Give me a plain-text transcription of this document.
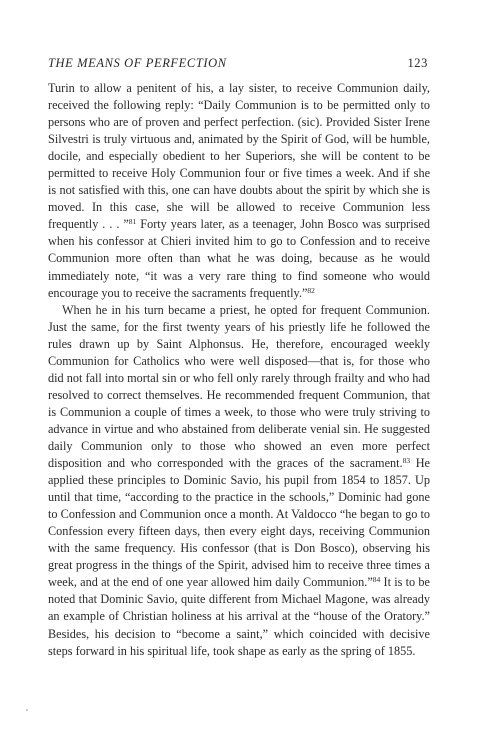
THE MEANS OF PERFECTION	123

Turin to allow a penitent of his, a lay sister, to receive Communion daily, received the following reply: “Daily Communion is to be permitted only to persons who are of proven and perfect perfection. (sic). Provided Sister Irene Silvestri is truly virtuous and, animated by the Spirit of God, will be humble, docile, and especially obedient to her Superiors, she will be content to be permitted to receive Holy Communion four or five times a week. And if she is not satisfied with this, one can have doubts about the spirit by which she is moved. In this case, she will be allowed to receive Communion less frequently . . . ”$^{81}$ Forty years later, as a teenager, John Bosco was surprised when his confessor at Chieri invited him to go to Confession and to receive Communion more often than what he was doing, because as he would immediately note, “it was a very rare thing to find someone who would encourage you to receive the sacraments frequently.”$^{82}$

When he in his turn became a priest, he opted for frequent Communion. Just the same, for the first twenty years of his priestly life he followed the rules drawn up by Saint Alphonsus. He, therefore, encouraged weekly Communion for Catholics who were well disposed—that is, for those who did not fall into mortal sin or who fell only rarely through frailty and who had resolved to correct themselves. He recommended frequent Communion, that is Communion a couple of times a week, to those who were truly striving to advance in virtue and who abstained from deliberate venial sin. He suggested daily Communion only to those who showed an even more perfect disposition and who corresponded with the graces of the sacrament.$^{83}$ He applied these principles to Dominic Savio, his pupil from 1854 to 1857. Up until that time, “according to the practice in the schools,” Dominic had gone to Confession and Communion once a month. At Valdocco “he began to go to Confession every fifteen days, then every eight days, receiving Communion with the same frequency. His confessor (that is Don Bosco), observing his great progress in the things of the Spirit, advised him to receive three times a week, and at the end of one year allowed him daily Communion.”$^{84}$ It is to be noted that Dominic Savio, quite different from Michael Magone, was already an example of Christian holiness at his arrival at the “house of the Oratory.” Besides, his decision to “become a saint,” which coincided with decisive steps forward in his spiritual life, took shape as early as the spring of 1855.
